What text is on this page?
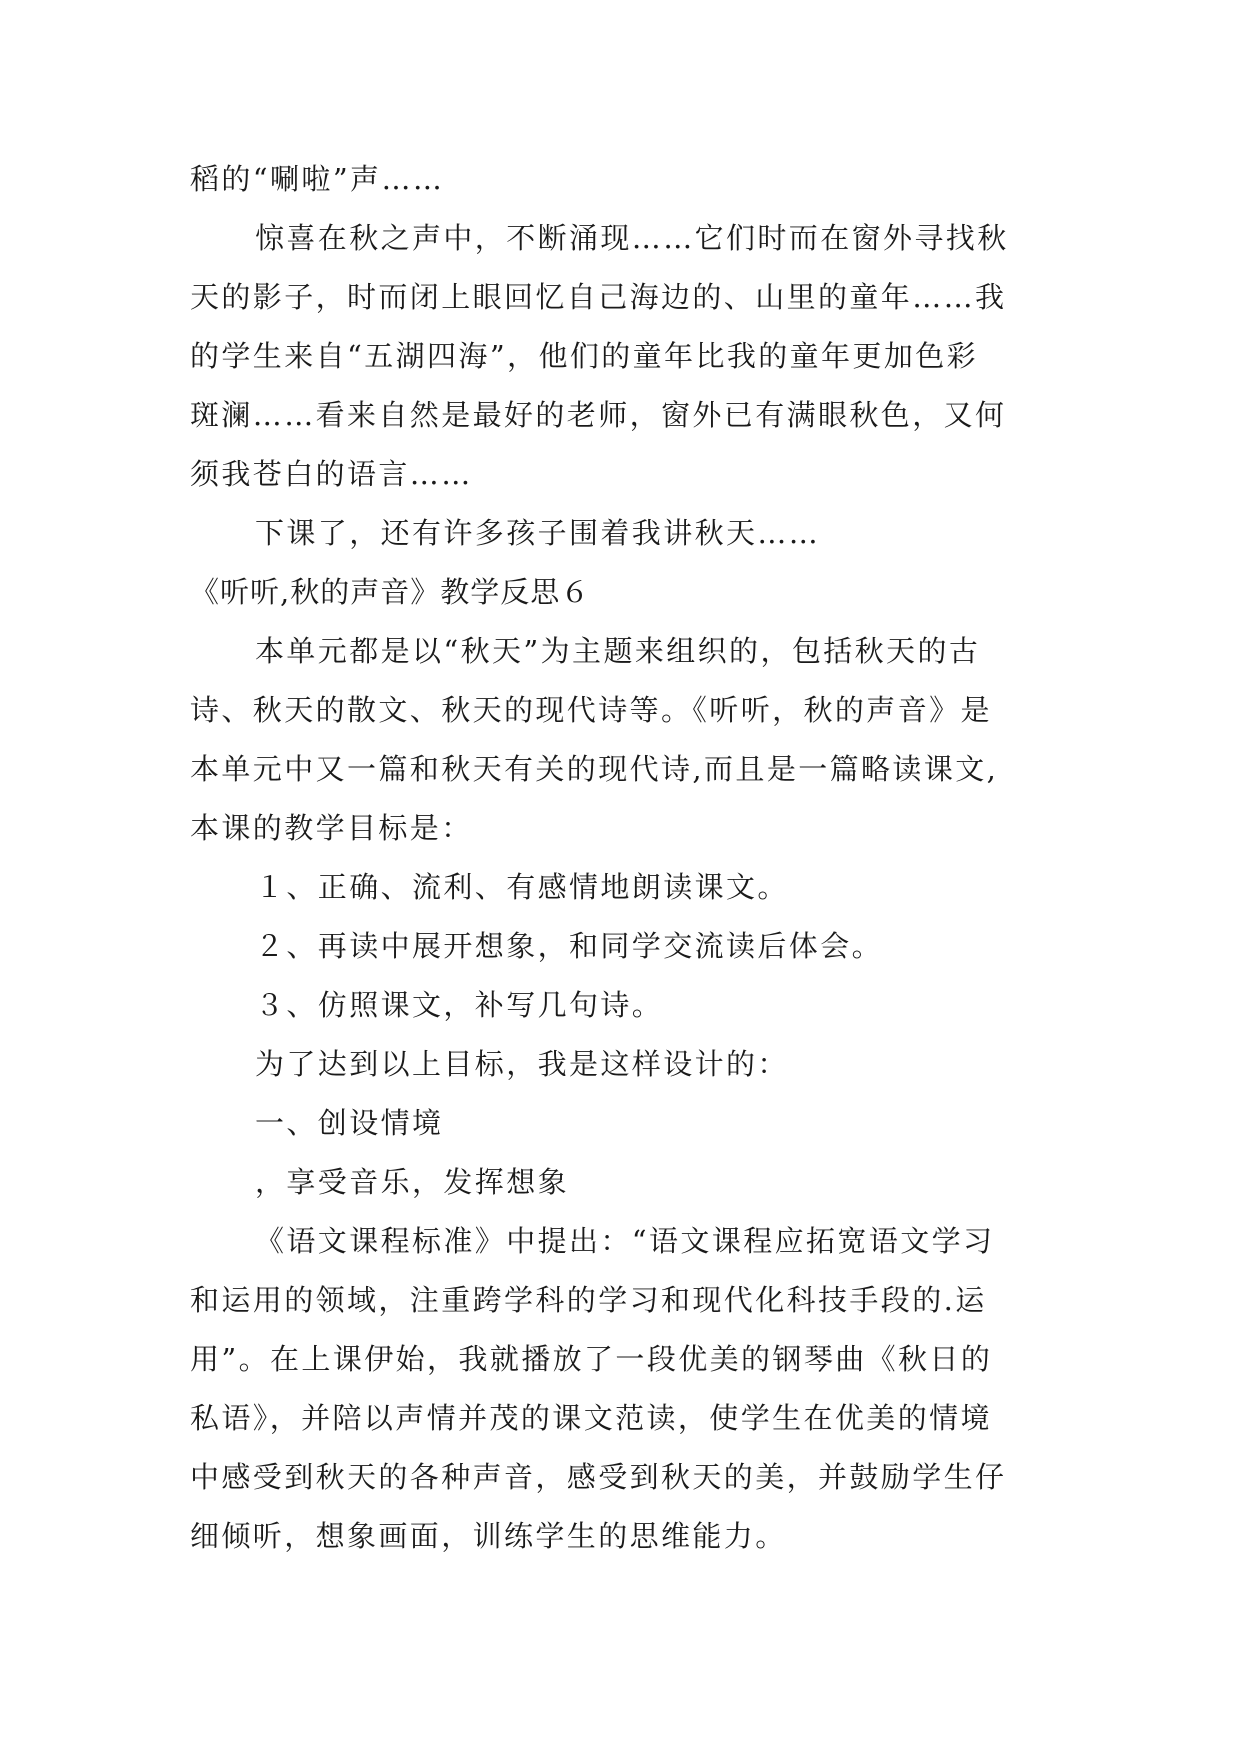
稻的“唰啦”声……
惊喜在秋之声中，不断涌现……它们时而在窗外寻找秋
天的影子，时而闭上眼回忆自己海边的、山里的童年……我
的学生来自“五湖四海”，他们的童年比我的童年更加色彩
斑澜……看来自然是最好的老师，窗外已有满眼秋色，又何
须我苍白的语言……
下课了，还有许多孩子围着我讲秋天……
《听听,秋的声音》教学反思６
本单元都是以“秋天”为主题来组织的，包括秋天的古
诗、秋天的散文、秋天的现代诗等。《听听，秋的声音》是
本单元中又一篇和秋天有关的现代诗,而且是一篇略读课文,
本课的教学目标是：
１、正确、流利、有感情地朗读课文。
２、再读中展开想象，和同学交流读后体会。
３、仿照课文，补写几句诗。
为了达到以上目标，我是这样设计的：
一、创设情境
，享受音乐，发挥想象
《语文课程标准》中提出：“语文课程应拓宽语文学习
和运用的领域，注重跨学科的学习和现代化科技手段的.运
用”。在上课伊始，我就播放了一段优美的钢琴曲《秋日的
私语》，并陪以声情并茂的课文范读，使学生在优美的情境
中感受到秋天的各种声音，感受到秋天的美，并鼓励学生仔
细倾听，想象画面，训练学生的思维能力。
